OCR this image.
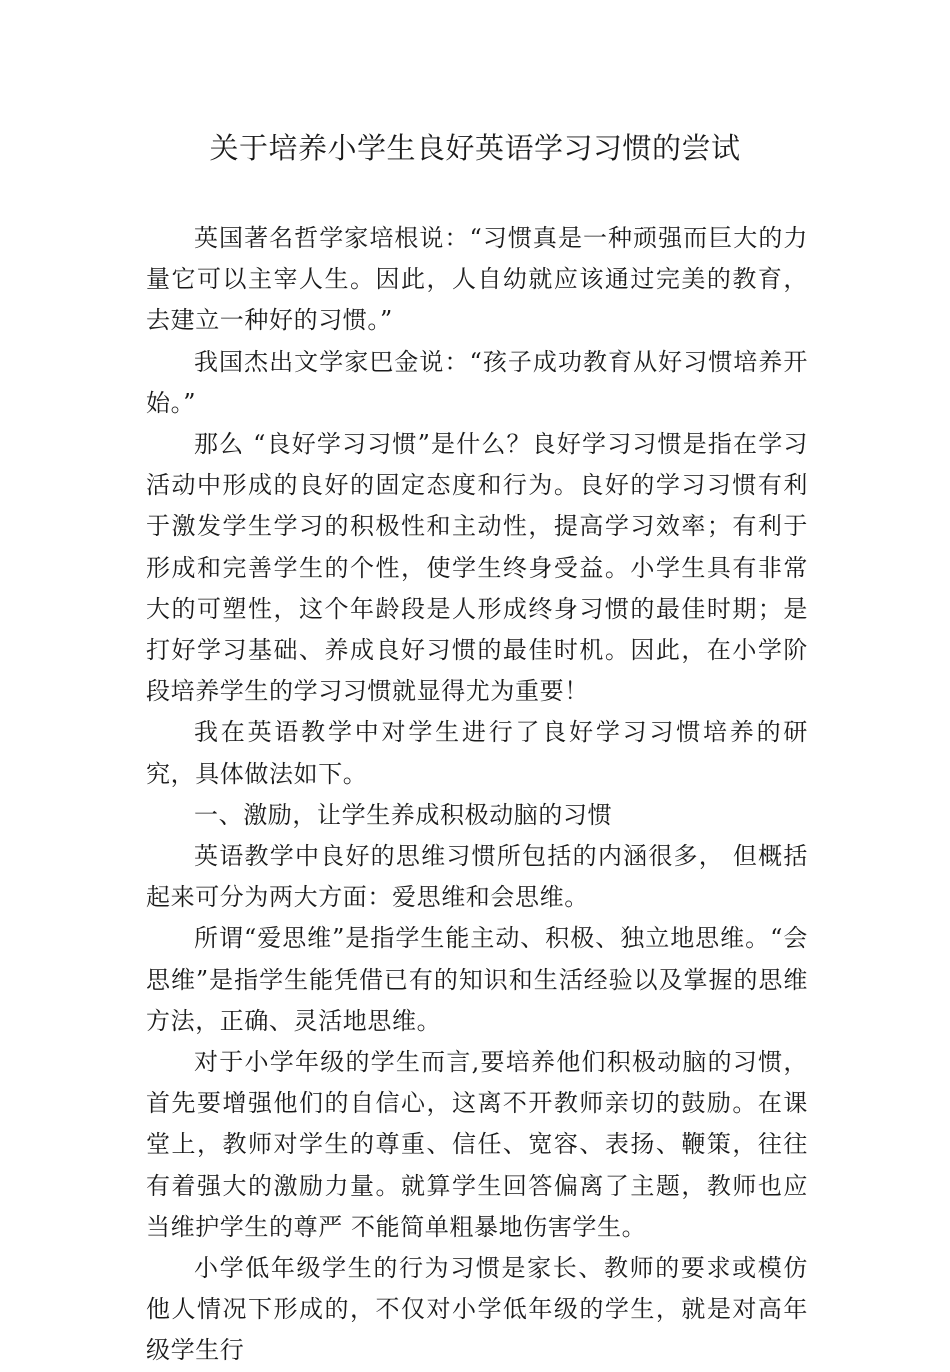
关于培养小学生良好英语学习习惯的尝试

英国著名哲学家培根说：“习惯真是一种顽强而巨大的力量它可以主宰人生。因此，人自幼就应该通过完美的教育，去建立一种好的习惯。”

我国杰出文学家巴金说：“孩子成功教育从好习惯培养开始。”

那么 “良好学习习惯”是什么？良好学习习惯是指在学习活动中形成的良好的固定态度和行为。良好的学习习惯有利于激发学生学习的积极性和主动性，提高学习效率；有利于形成和完善学生的个性，使学生终身受益。小学生具有非常大的可塑性，这个年龄段是人形成终身习惯的最佳时期；是打好学习基础、养成良好习惯的最佳时机。因此，在小学阶段培养学生的学习习惯就显得尤为重要！

我在英语教学中对学生进行了良好学习习惯培养的研究，具体做法如下。

一、激励，让学生养成积极动脑的习惯

英语教学中良好的思维习惯所包括的内涵很多， 但概括起来可分为两大方面：爱思维和会思维。

所谓“爱思维”是指学生能主动、积极、独立地思维。“会思维”是指学生能凭借已有的知识和生活经验以及掌握的思维方法，正确、灵活地思维。

对于小学年级的学生而言,要培养他们积极动脑的习惯，首先要增强他们的自信心，这离不开教师亲切的鼓励。在课堂上，教师对学生的尊重、信任、宽容、表扬、鞭策，往往有着强大的激励力量。就算学生回答偏离了主题，教师也应当维护学生的尊严 不能简单粗暴地伤害学生。

小学低年级学生的行为习惯是家长、教师的要求或模仿他人情况下形成的，不仅对小学低年级的学生，就是对高年级学生行
